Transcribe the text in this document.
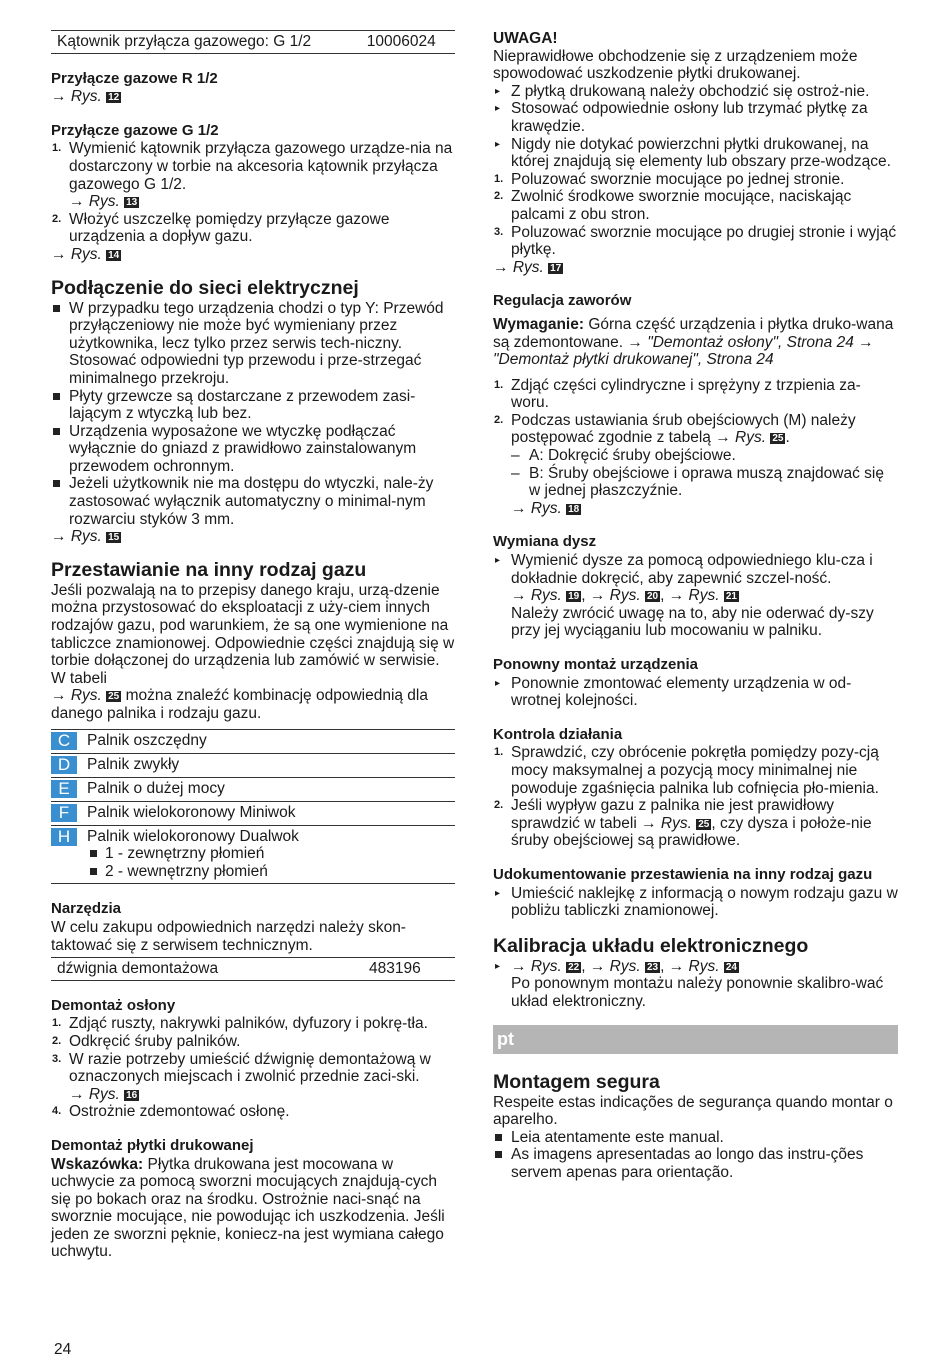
Kątownik przyłącza gazowego: G 1/2	10006024

Przyłącze gazowe R 1/2

→ Rys. 12

Przyłącze gazowe G 1/2

1. Wymienić kątownik przyłącza gazowego urządze-nia na dostarczony w torbie na akcesoria kątownik przyłącza gazowego G 1/2.
→ Rys. 13
2. Włożyć uszczelkę pomiędzy przyłącze gazowe urządzenia a dopływ gazu.

→ Rys. 14

Podłączenie do sieci elektrycznej

W przypadku tego urządzenia chodzi o typ Y: Przewód przyłączeniowy nie może być wymieniany przez użytkownika, lecz tylko przez serwis tech-niczny. Stosować odpowiedni typ przewodu i prze-strzegać minimalnego przekroju.
Płyty grzewcze są dostarczane z przewodem zasi-lającym z wtyczką lub bez.
Urządzenia wyposażone we wtyczkę podłączać wyłącznie do gniazd z prawidłowo zainstalowanym przewodem ochronnym.
Jeżeli użytkownik nie ma dostępu do wtyczki, nale-ży zastosować wyłącznik automatyczny o minimal-nym rozwarciu styków 3 mm.

→ Rys. 15

Przestawianie na inny rodzaj gazu

Jeśli pozwalają na to przepisy danego kraju, urzą-dzenie można przystosować do eksploatacji z uży-ciem innych rodzajów gazu, pod warunkiem, że są one wymienione na tabliczce znamionowej. Odpowiednie części znajdują się w torbie dołączonej do urządzenia lub zamówić w serwisie. W tabeli
→ Rys. 25 można znaleźć kombinację odpowiednią dla danego palnika i rodzaju gazu.

C	Palnik oszczędny
D	Palnik zwykły
E	Palnik o dużej mocy
F	Palnik wielokoronowy Miniwok
H	Palnik wielokoronowy Dualwok
1 - zewnętrzny płomień
2 - wewnętrzny płomień

Narzędzia

W celu zakupu odpowiednich narzędzi należy skon-taktować się z serwisem technicznym.

dźwignia demontażowa	483196

Demontaż osłony

1. Zdjąć ruszty, nakrywki palników, dyfuzory i pokrę-tła.
2. Odkręcić śruby palników.
3. W razie potrzeby umieścić dźwignię demontażową w oznaczonych miejscach i zwolnić przednie zaci-ski.
→ Rys. 16
4. Ostrożnie zdemontować osłonę.

Demontaż płytki drukowanej

Wskazówka: Płytka drukowana jest mocowana w uchwycie za pomocą sworzni mocujących znajdują-cych się po bokach oraz na środku. Ostrożnie naci-snąć na sworznie mocujące, nie powodując ich uszkodzenia. Jeśli jeden ze sworzni pęknie, koniecz-na jest wymiana całego uchwytu.

UWAGA!

Nieprawidłowe obchodzenie się z urządzeniem może spowodować uszkodzenie płytki drukowanej.

▸ Z płytką drukowaną należy obchodzić się ostroż-nie.
▸ Stosować odpowiednie osłony lub trzymać płytkę za krawędzie.
▸ Nigdy nie dotykać powierzchni płytki drukowanej, na której znajdują się elementy lub obszary prze-wodzące.
1. Poluzować sworznie mocujące po jednej stronie.
2. Zwolnić środkowe sworznie mocujące, naciskając palcami z obu stron.
3. Poluzować sworznie mocujące po drugiej stronie i wyjąć płytkę.

→ Rys. 17

Regulacja zaworów

Wymaganie: Górna część urządzenia i płytka druko-wana są zdemontowane. → "Demontaż osłony", Strona 24 → "Demontaż płytki drukowanej", Strona 24

1. Zdjąć części cylindryczne i sprężyny z trzpienia za-woru.
2. Podczas ustawiania śrub obejściowych (M) należy postępować zgodnie z tabelą → Rys. 25 .
– A: Dokręcić śruby obejściowe.
– B: Śruby obejściowe i oprawa muszą znajdować się w jednej płaszczyźnie.
→ Rys. 18

Wymiana dysz

▸ Wymienić dysze za pomocą odpowiedniego klu-cza i dokładnie dokręcić, aby zapewnić szczel-ność.
→ Rys. 19 , → Rys. 20 , → Rys. 21
Należy zwrócić uwagę na to, aby nie oderwać dy-szy przy jej wyciąganiu lub mocowaniu w palniku.

Ponowny montaż urządzenia

▸ Ponownie zmontować elementy urządzenia w od-wrotnej kolejności.

Kontrola działania

1. Sprawdzić, czy obrócenie pokrętła pomiędzy pozy-cją mocy maksymalnej a pozycją mocy minimalnej nie powoduje zgaśnięcia palnika lub cofnięcia pło-mienia.
2. Jeśli wypływ gazu z palnika nie jest prawidłowy sprawdzić w tabeli → Rys. 25 , czy dysza i położe-nie śruby obejściowej są prawidłowe.

Udokumentowanie przestawienia na inny rodzaj gazu

▸ Umieścić naklejkę z informacją o nowym rodzaju gazu w pobliżu tabliczki znamionowej.

Kalibracja układu elektronicznego

▸ → Rys. 22 , → Rys. 23 , → Rys. 24
Po ponownym montażu należy ponownie skalibro-wać układ elektroniczny.
pt

Montagem segura

Respeite estas indicações de segurança quando montar o aparelho.

Leia atentamente este manual.
As imagens apresentadas ao longo das instru-ções servem apenas para orientação.
24
